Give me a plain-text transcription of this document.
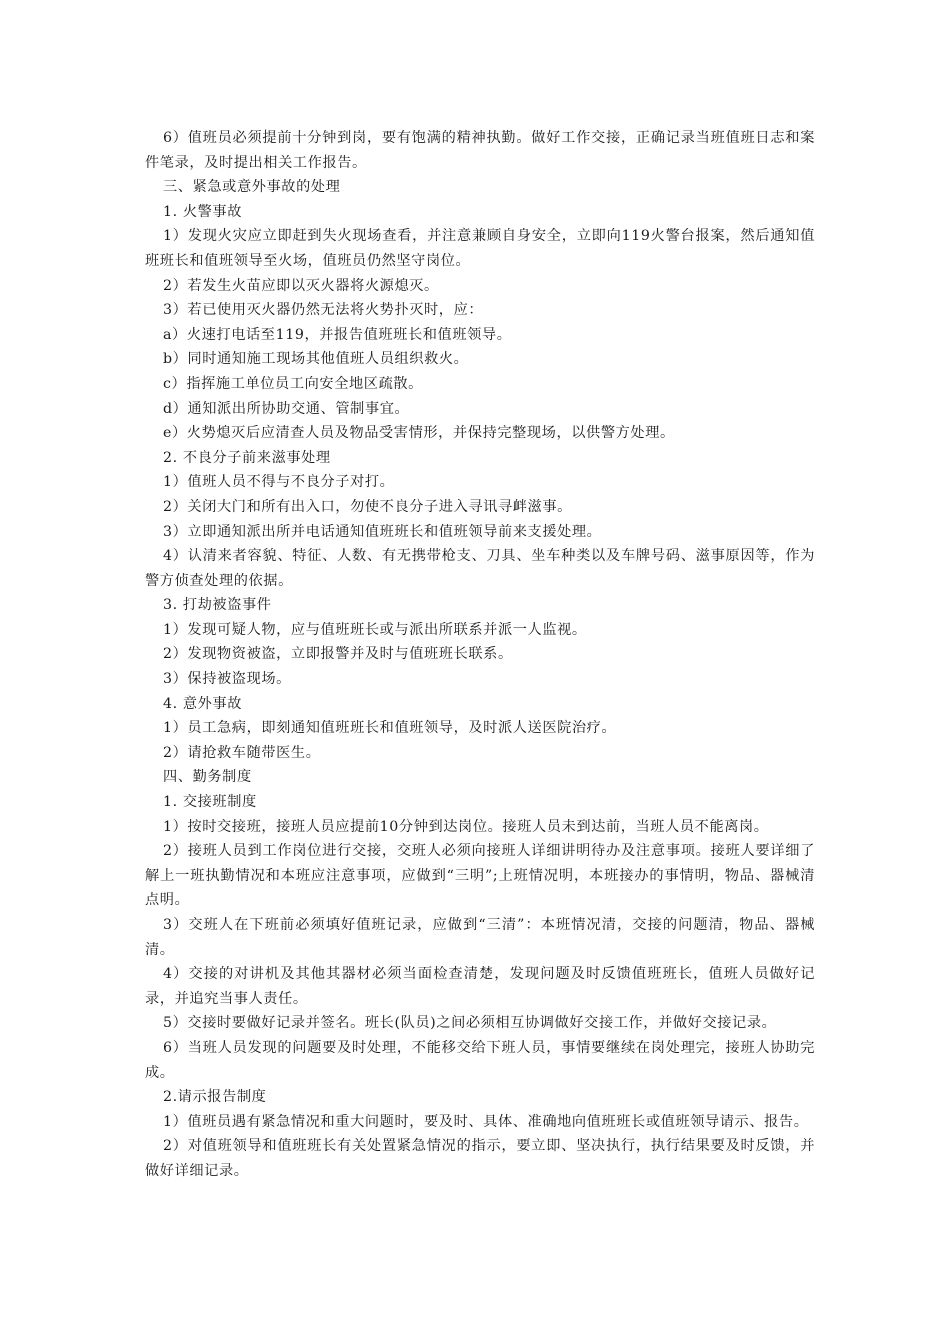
6）值班员必须提前十分钟到岗，要有饱满的精神执勤。做好工作交接，正确记录当班值班日志和案件笔录，及时提出相关工作报告。

三、紧急或意外事故的处理

1. 火警事故

1）发现火灾应立即赶到失火现场查看，并注意兼顾自身安全，立即向119火警台报案，然后通知值班班长和值班领导至火场，值班员仍然坚守岗位。

2）若发生火苗应即以灭火器将火源熄灭。

3）若已使用灭火器仍然无法将火势扑灭时，应：

a）火速打电话至119，并报告值班班长和值班领导。

b）同时通知施工现场其他值班人员组织救火。

c）指挥施工单位员工向安全地区疏散。

d）通知派出所协助交通、管制事宜。

e）火势熄灭后应清查人员及物品受害情形，并保持完整现场，以供警方处理。

2. 不良分子前来滋事处理

1）值班人员不得与不良分子对打。

2）关闭大门和所有出入口，勿使不良分子进入寻讯寻衅滋事。

3）立即通知派出所并电话通知值班班长和值班领导前来支援处理。

4）认清来者容貌、特征、人数、有无携带枪支、刀具、坐车种类以及车牌号码、滋事原因等，作为警方侦查处理的依据。

3. 打劫被盗事件

1）发现可疑人物，应与值班班长或与派出所联系并派一人监视。

2）发现物资被盗，立即报警并及时与值班班长联系。

3）保持被盗现场。

4. 意外事故

1）员工急病，即刻通知值班班长和值班领导，及时派人送医院治疗。

2）请抢救车随带医生。

四、勤务制度

1. 交接班制度

1）按时交接班，接班人员应提前10分钟到达岗位。接班人员未到达前，当班人员不能离岗。

2）接班人员到工作岗位进行交接，交班人必须向接班人详细讲明待办及注意事项。接班人要详细了解上一班执勤情况和本班应注意事项，应做到“三明”;上班情况明，本班接办的事情明，物品、器械清点明。

3）交班人在下班前必须填好值班记录，应做到“三清”：本班情况清，交接的问题清，物品、器械清。

4）交接的对讲机及其他其器材必须当面检查清楚，发现问题及时反馈值班班长，值班人员做好记录，并追究当事人责任。

5）交接时要做好记录并签名。班长(队员)之间必须相互协调做好交接工作，并做好交接记录。

6）当班人员发现的问题要及时处理，不能移交给下班人员，事情要继续在岗处理完，接班人协助完成。

2.请示报告制度

1）值班员遇有紧急情况和重大问题时，要及时、具体、准确地向值班班长或值班领导请示、报告。

2）对值班领导和值班班长有关处置紧急情况的指示，要立即、坚决执行，执行结果要及时反馈，并做好详细记录。
